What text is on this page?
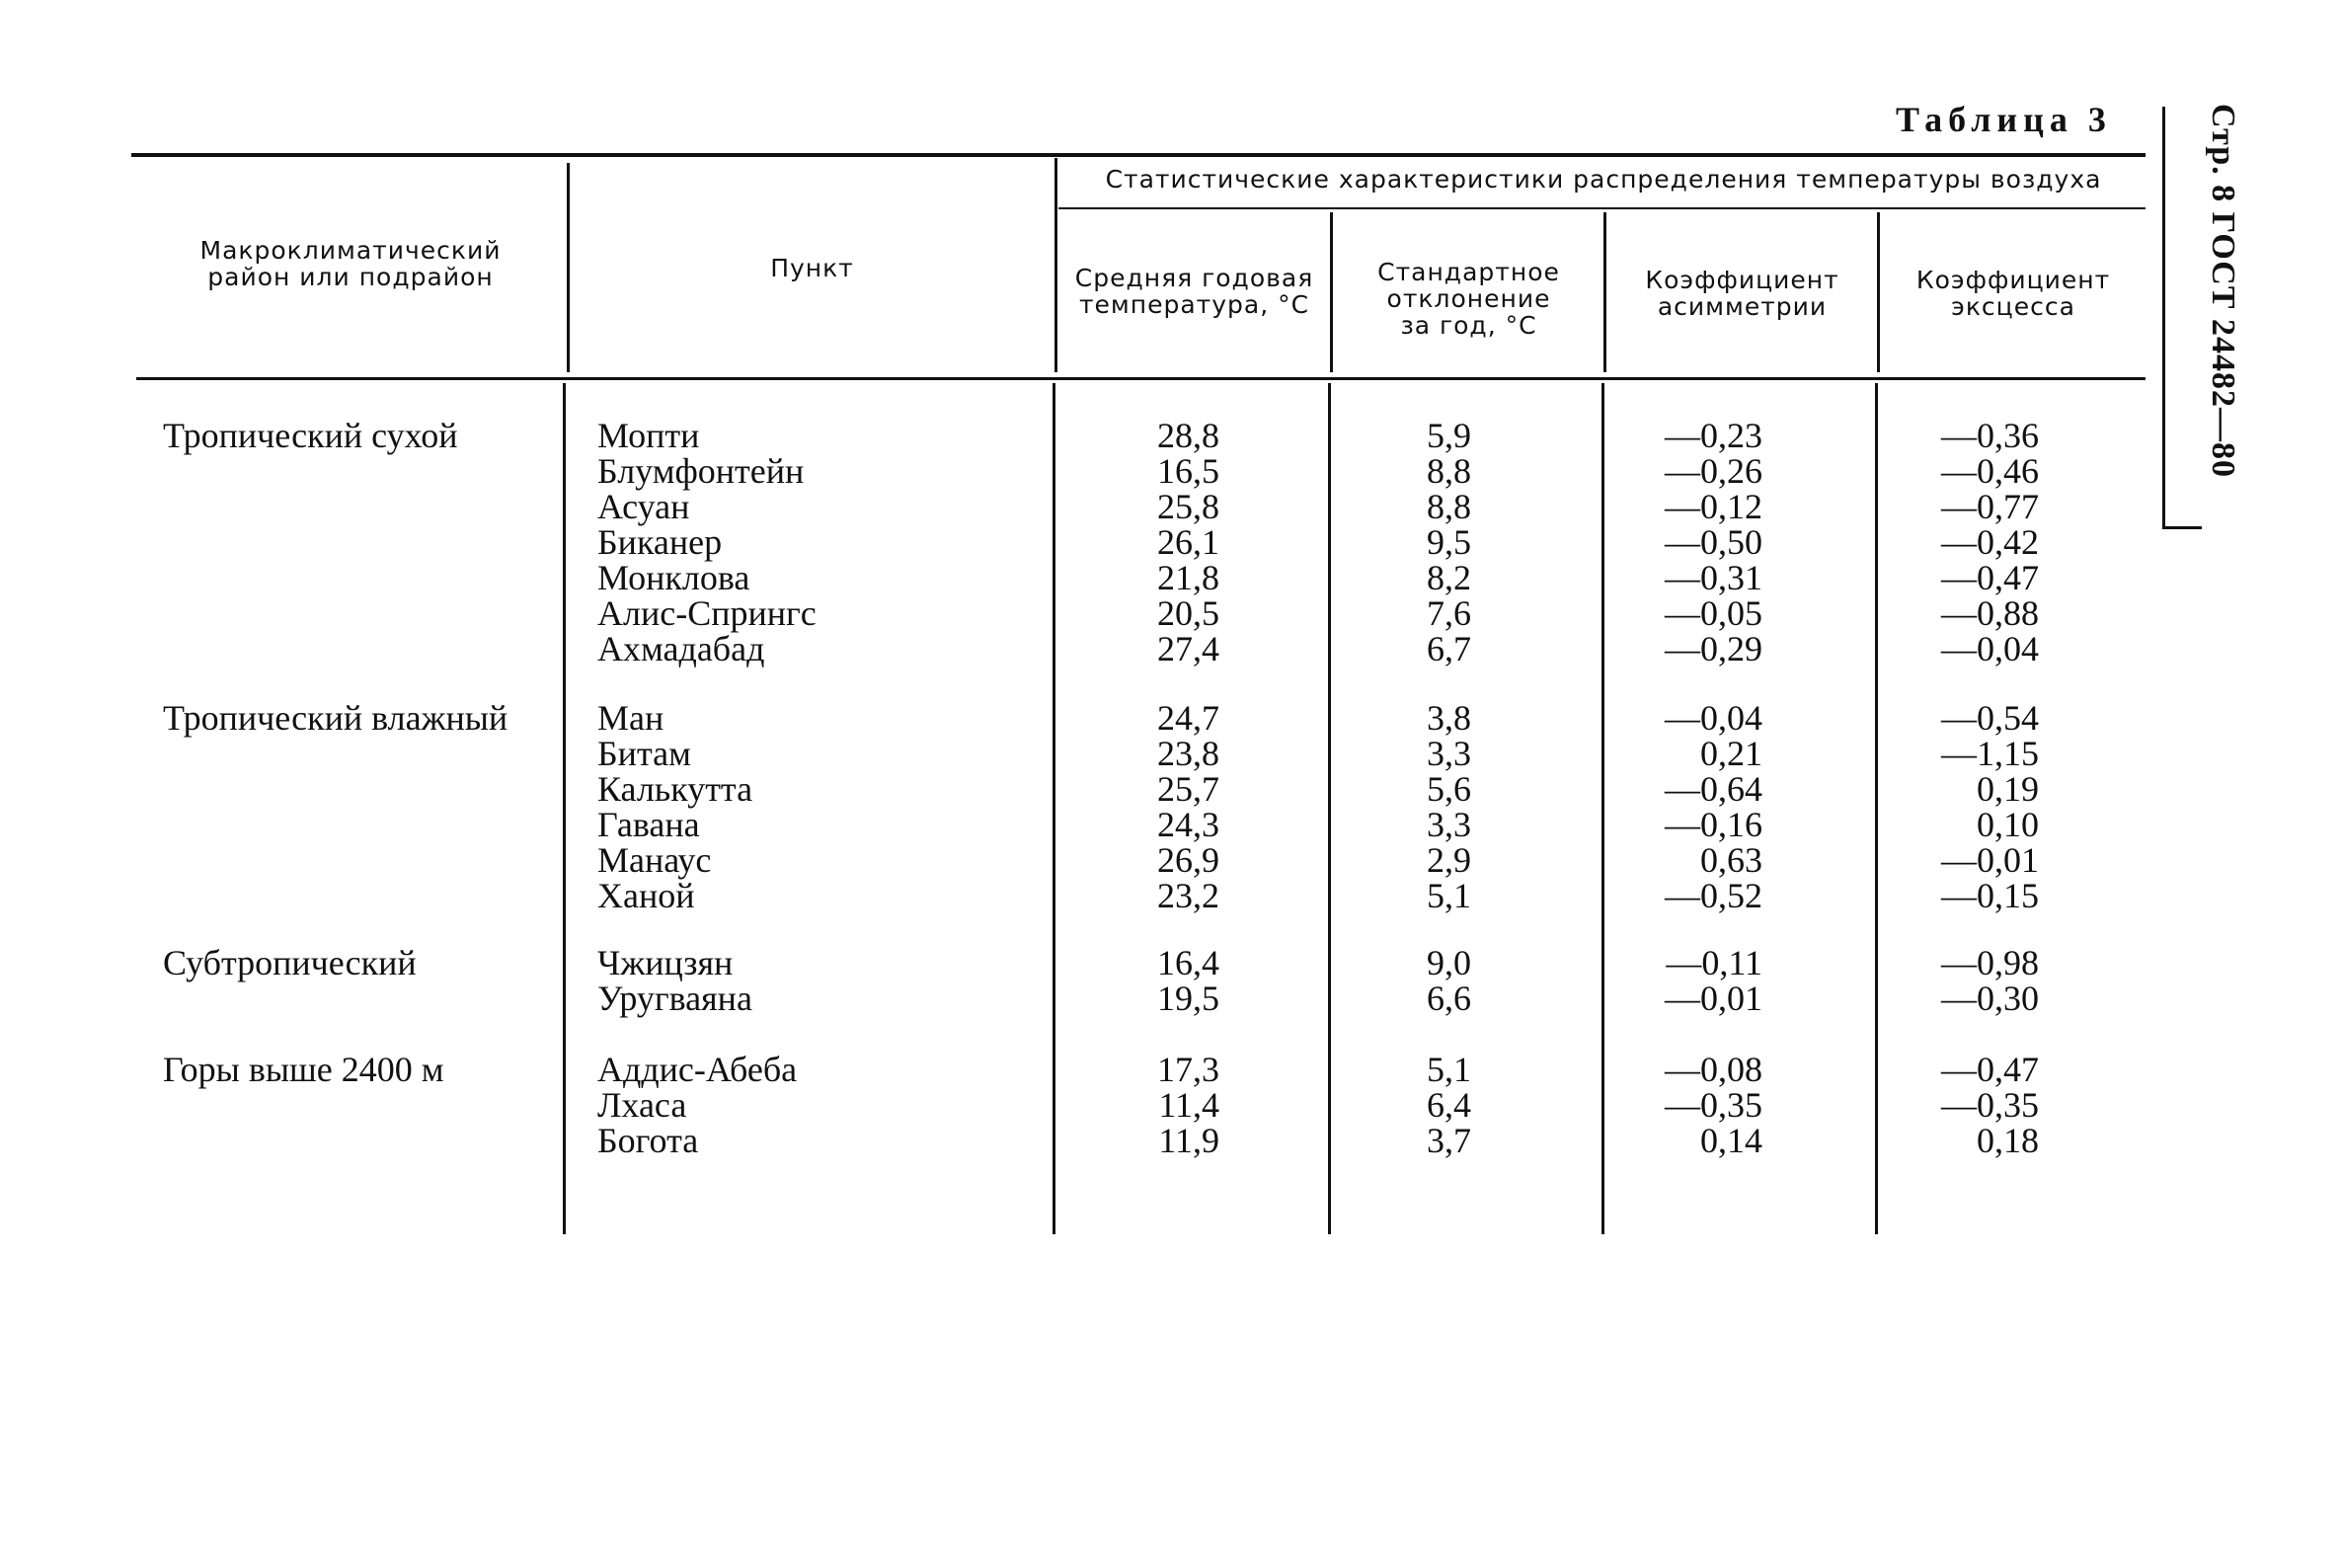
Таблица 3	Стр. 8 ГОСТ 24482—80
Макроклиматический
район или подрайон	Пункт
Статистические характеристики распределения температуры воздуха
Средняя годовая
температура, °С
Стандартное
отклонение
за год, °С
Коэффициент
асимметрии
Коэффициент
эксцесса
Тропический сухой	Мопти	28,8	5,9	—0,23	—0,36
Блумфонтейн	16,5	8,8	—0,26	—0,46
Асуан	25,8	8,8	—0,12	—0,77
Биканер	26,1	9,5	—0,50	—0,42
Монклова	21,8	8,2	—0,31	—0,47
Алис-Спрингс	20,5	7,6	—0,05	—0,88
Ахмадабад	27,4	6,7	—0,29	—0,04
Тропический влажный	Ман	24,7	3,8	—0,04	—0,54
Битам	23,8	3,3	0,21	—1,15
Калькутта	25,7	5,6	—0,64	0,19
Гавана	24,3	3,3	—0,16	0,10
Манаус	26,9	2,9	0,63	—0,01
Ханой	23,2	5,1	—0,52	—0,15
Субтропический	Чжицзян	16,4	9,0	—0,11	—0,98
Уругваяна	19,5	6,6	—0,01	—0,30
Горы выше 2400 м	Аддис-Абеба	17,3	5,1	—0,08	—0,47
Лхаса	11,4	6,4	—0,35	—0,35
Богота	11,9	3,7	0,14	0,18
